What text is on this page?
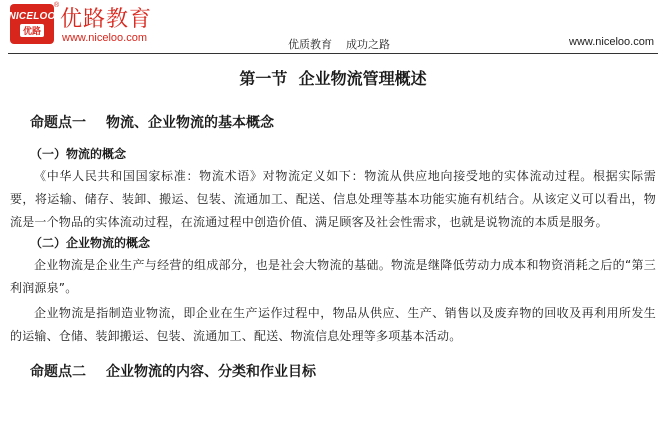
NICELOO
优路
®
优路教育
www.niceloo.com	优质教育    成功之路	www.niceloo.com
第一节  企业物流管理概述
命题点一 物流、企业物流的基本概念
（一）物流的概念

《中华人民共和国国家标准：物流术语》对物流定义如下：物流从供应地向接受地的实体流动过程。根据实际需要，将运输、储存、装卸、搬运、包装、流通加工、配送、信息处理等基本功能实施有机结合。从该定义可以看出，物流是一个物品的实体流动过程，在流通过程中创造价值、满足顾客及社会性需求，也就是说物流的本质是服务。

（二）企业物流的概念

企业物流是企业生产与经营的组成部分，也是社会大物流的基础。物流是继降低劳动力成本和物资消耗之后的“第三利润源泉”。

企业物流是指制造业物流，即企业在生产运作过程中，物品从供应、生产、销售以及废弃物的回收及再利用所发生的运输、仓储、装卸搬运、包装、流通加工、配送、物流信息处理等多项基本活动。

命题点二 企业物流的内容、分类和作业目标
